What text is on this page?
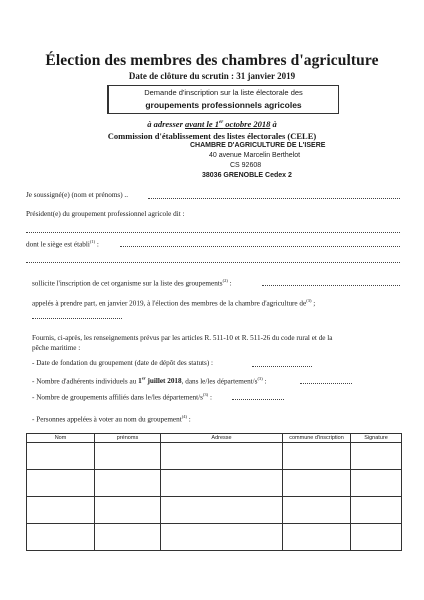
Élection des membres des chambres d'agriculture
Date de clôture du scrutin : 31 janvier 2019
Demande d'inscription sur la liste électorale des
groupements professionnels agricoles
à adresser avant le 1er octobre 2018 à
Commission d'établissement des listes électorales (CELE)
CHAMBRE D'AGRICULTURE DE L'ISERE
40 avenue Marcelin Berthelot
CS 92608
38036 GRENOBLE Cedex 2
Je soussigné(e) (nom et prénoms) ..
Président(e) du groupement professionnel agricole dit :
dont le siège est établi$^{(1)}$ :
sollicite l'inscription de cet organisme sur la liste des groupements$^{(2)}$ :
appelés à prendre part, en janvier 2019, à l'élection des membres de la chambre d'agriculture $de^{(3)}$ ;
Fournis, ci-après, les renseignements prévus par les articles R. 511-10 et R. 511-26 du code rural et de la
pêche maritime :
- Date de fondation du groupement (date de dépôt des statuts) :
- Nombre d'adhérents individuels au 1er juillet 2018, dans le/les département/$s^{(3)}$ :
- Nombre de groupements affiliés dans le/les département/$s^{(3)}$ :
- Personnes appelées à voter au nom du groupement$^{(4)}$ :
Nom	prénoms	Adresse	commune d'inscription	Signature
